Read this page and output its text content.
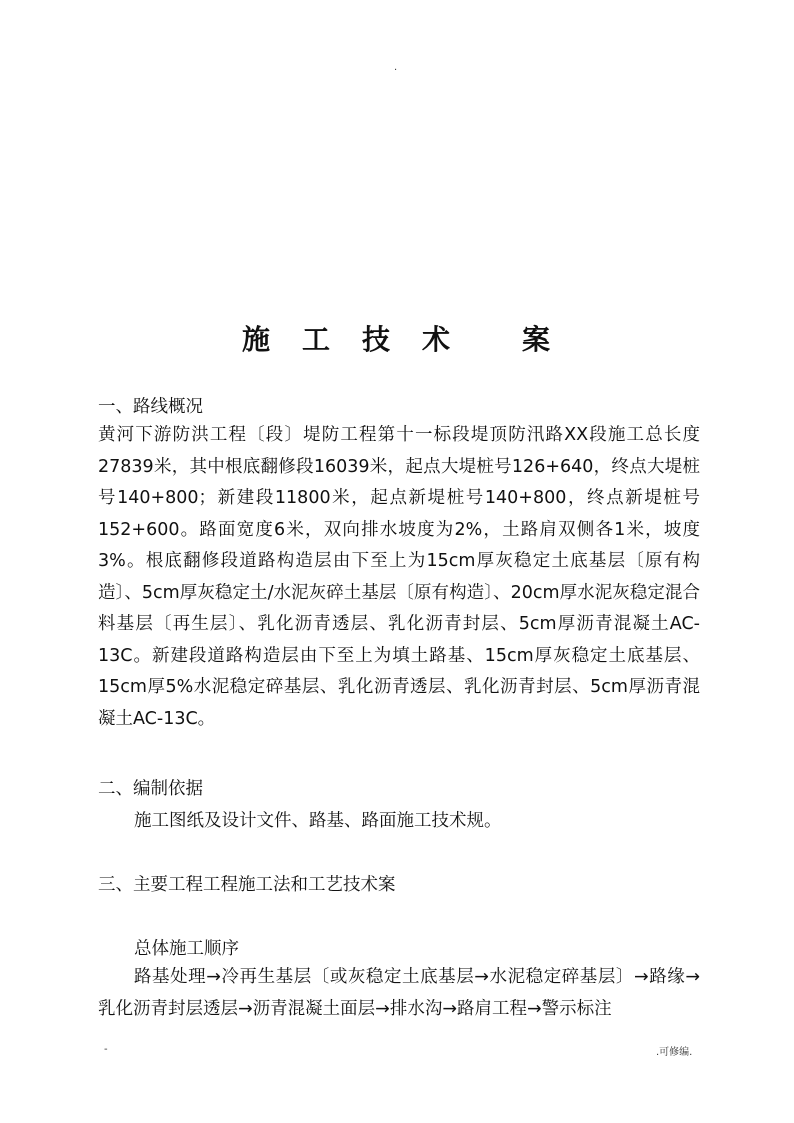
.
施 工 技 术	案
一、路线概况

黄河下游防洪工程〔段〕堤防工程第十一标段堤顶防汛路XX段施工总长度27839米，其中根底翻修段16039米，起点大堤桩号126+640，终点大堤桩号140+800；新建段11800米，起点新堤桩号140+800，终点新堤桩号152+600。路面宽度6米，双向排水坡度为2%，土路肩双侧各1米，坡度3%。根底翻修段道路构造层由下至上为15cm厚灰稳定土底基层〔原有构造〕、5cm厚灰稳定土/水泥灰碎土基层〔原有构造〕、20cm厚水泥灰稳定混合料基层〔再生层〕、乳化沥青透层、乳化沥青封层、5cm厚沥青混凝土AC-13C。新建段道路构造层由下至上为填土路基、15cm厚灰稳定土底基层、15cm厚5%水泥稳定碎基层、乳化沥青透层、乳化沥青封层、5cm厚沥青混凝土AC-13C。

二、编制依据
施工图纸及设计文件、路基、路面施工技术规。
三、主要工程工程施工法和工艺技术案
总体施工顺序

路基处理→冷再生基层〔或灰稳定土底基层→水泥稳定碎基层〕→路缘→乳化沥青封层透层→沥青混凝土面层→排水沟→路肩工程→警示标注

-	.可修编.
